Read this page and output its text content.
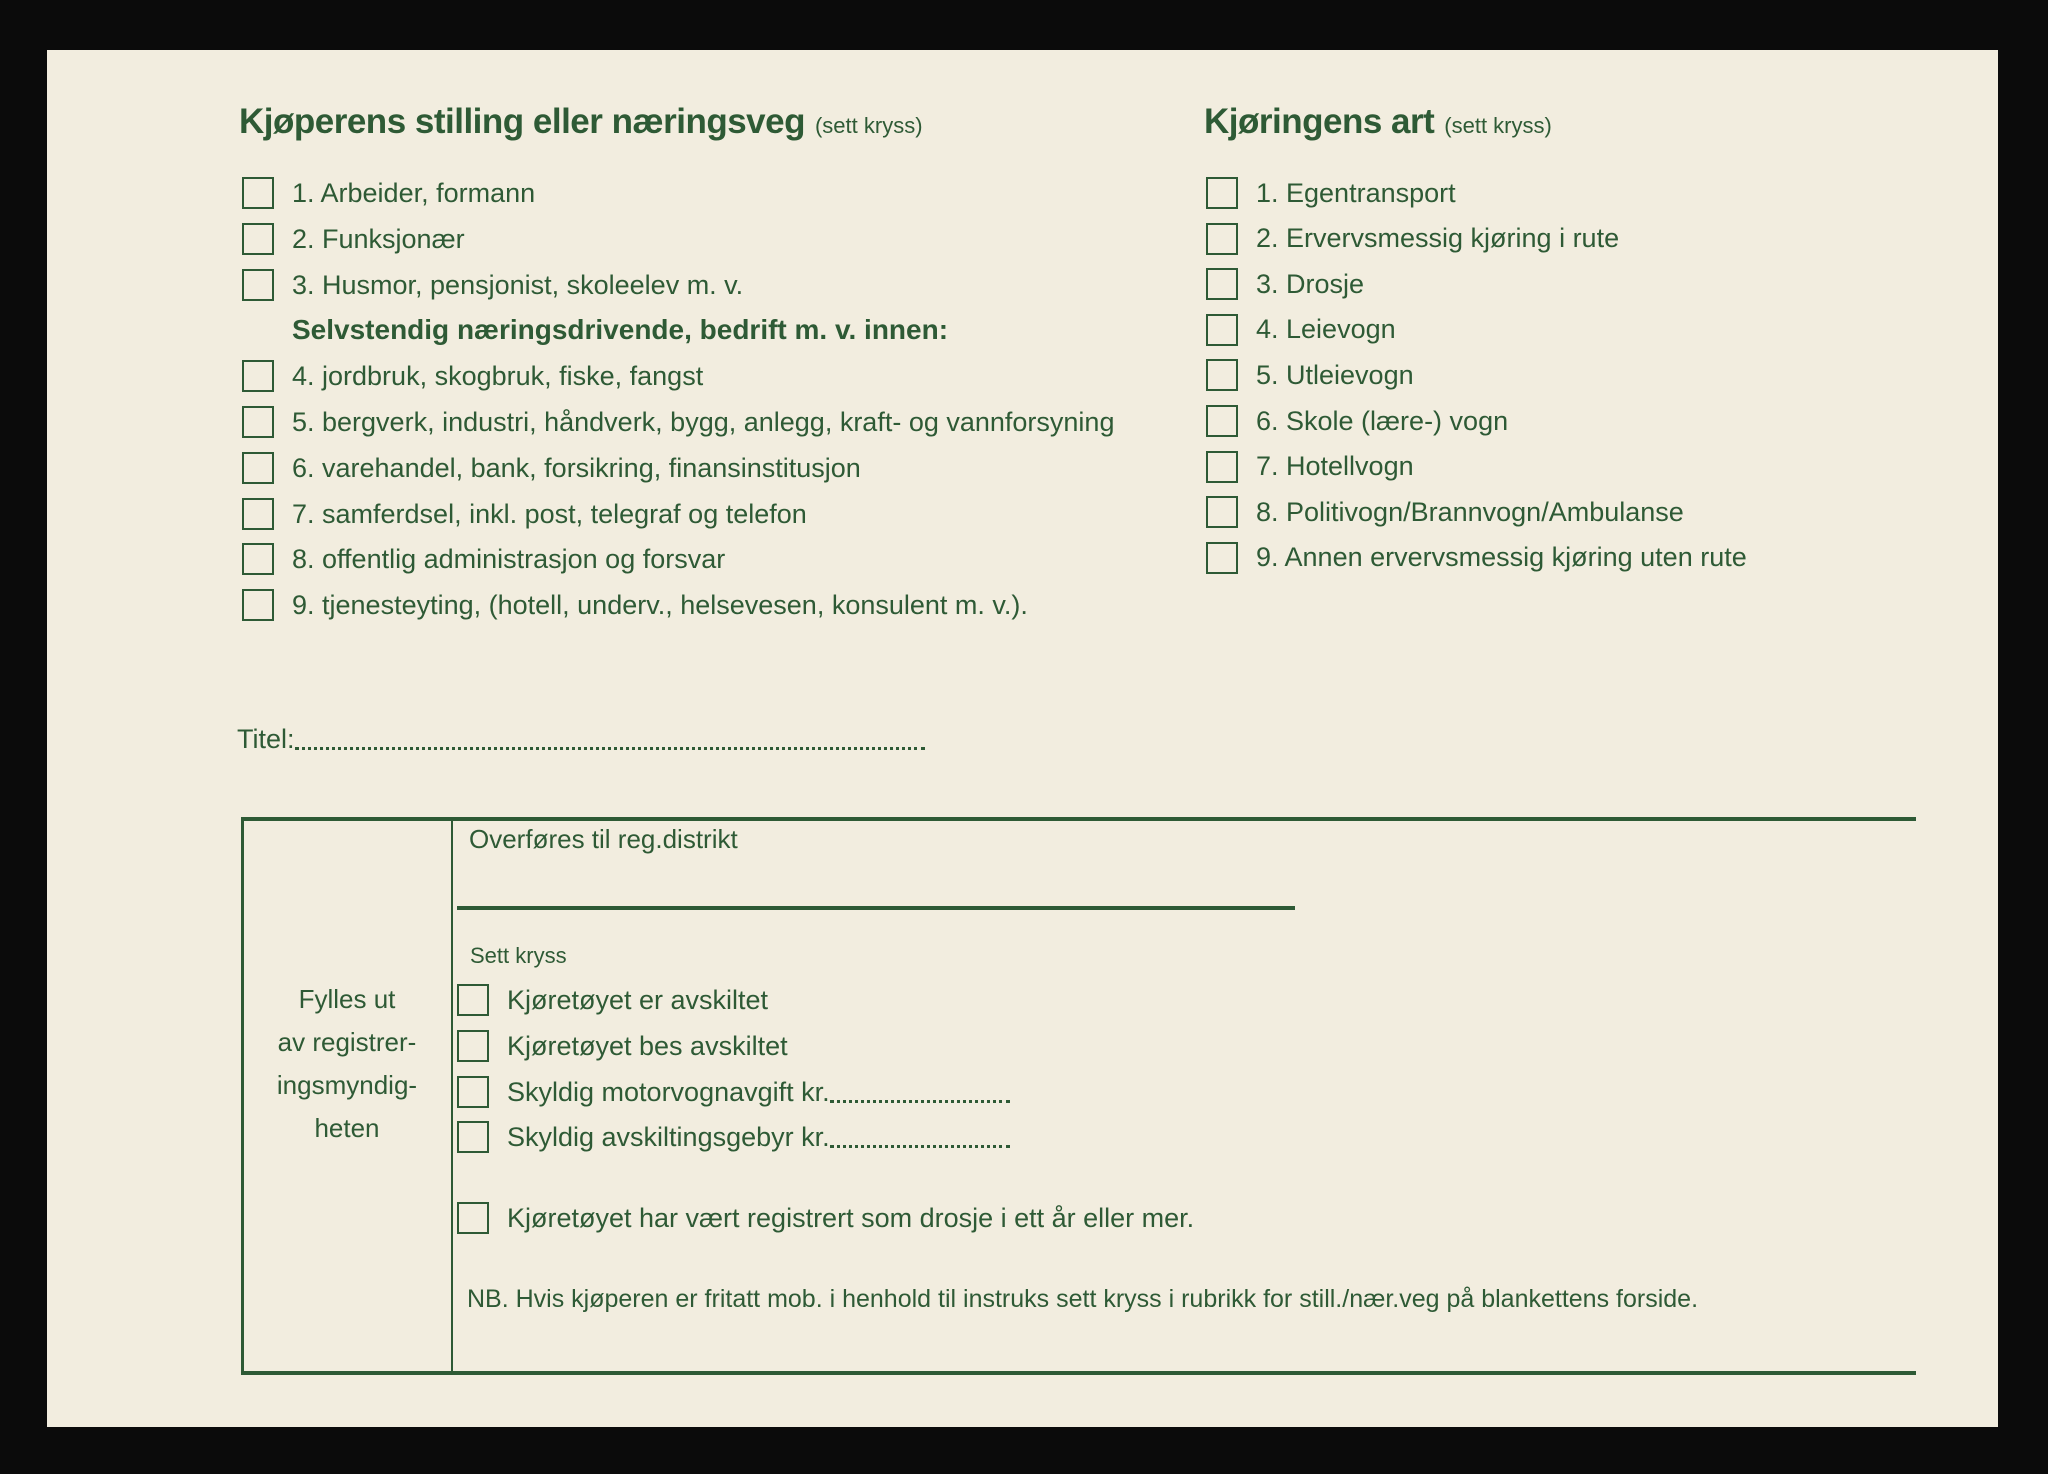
Kjøperens stilling eller næringsveg (sett kryss)
1. Arbeider, formann
2. Funksjonær
3. Husmor, pensjonist, skoleelev m. v.
Selvstendig næringsdrivende, bedrift m. v. innen:
4. jordbruk, skogbruk, fiske, fangst
5. bergverk, industri, håndverk, bygg, anlegg, kraft- og vannforsyning
6. varehandel, bank, forsikring, finansinstitusjon
7. samferdsel, inkl. post, telegraf og telefon
8. offentlig administrasjon og forsvar
9. tjenesteyting, (hotell, underv., helsevesen, konsulent m. v.).
1. Egentransport
2. Ervervsmessig kjøring i rute
3. Drosje
4. Leievogn
5. Utleievogn
6. Skole (lære-) vogn
7. Hotellvogn
8. Politivogn/Brannvogn/Ambulanse
9. Annen ervervsmessig kjøring uten rute
Kjøringens art (sett kryss)
Titel:
Fylles ut
av registrer-
ingsmyndig-
heten
Overføres til reg.distrikt
Sett kryss
Kjøretøyet er avskiltet
Kjøretøyet bes avskiltet
Skyldig motorvognavgift kr.
Skyldig avskiltingsgebyr kr.
Kjøretøyet har vært registrert som drosje i ett år eller mer.
NB. Hvis kjøperen er fritatt mob. i henhold til instruks sett kryss i rubrikk for still./nær.veg på blankettens forside.
